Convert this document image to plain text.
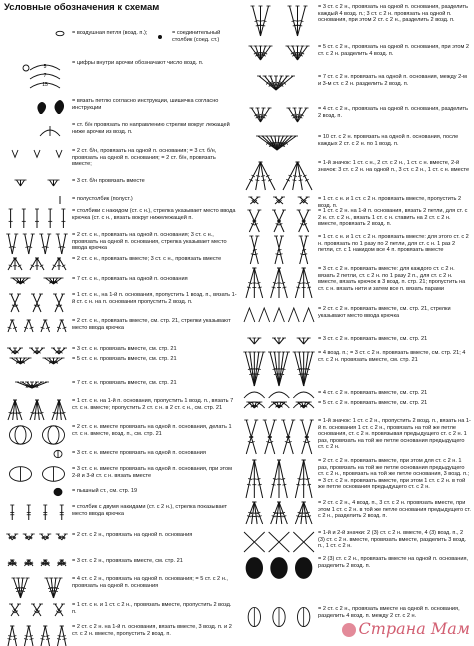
Условные обозначения к схемам
= воздушная петля (возд. п.);	= соединительный столбик (соед. ст.)
5
7
15
= цифры внутри арочки обозначают число возд. п.
= вязать петлю согласно инструкции, шишечка согласно инструкции
= ст. б/н провязать по направлению стрелки вокруг лежащей ниже арочки из возд. п.
= 2 ст. б/н, провязать на одной п. основания; = 3 ст. б/н, провязать на одной п. основания; = 2 ст. б/н, провязать вместе;
= 3 ст. б/н провязать вместе
= полустолбик (полуст.)
= столбики с накидом (ст. с н.), стрелка указывает место ввода крючка (ст. с н., вязать вокруг нижележащей п.
= 2 ст. с н., провязать на одной п. основания; 3 ст. с н., провязать на одной п. основания, стрелка указывает место ввода крючка
= 2 ст. с н., провязать вместе; 3 ст. с н., провязать вместе
= 7 ст. с н., провязать на одной п. основания
= 1 ст. с н., на 1-й п. основания, пропустить 1 возд. п., вязать 1-й ст. с н. на п. основания пропустить 2 возд. п.
= 2 ст. с н., провязать вместе, см. стр. 21, стрелки указывают место ввода крючка
= 3 ст. с н. провязать вместе, см. стр. 21
= 5 ст. с н. провязать вместе, см. стр. 21
= 7 ст. с н. провязать вместе, см. стр. 21
= 1 ст. с н. на 1-й п. основания, пропустить 1 возд. п., вязать 7 ст. с н. вместе; пропустить 2 ст. с н. в 2 ст. с н., см. стр. 21
= 2 ст. с н. вместе провязать на одной п. основания, делать 1 ст. с н. вместе, возд. п., см. стр. 21
= 3 ст. с н. вместе провязать на одной п. основания
= 3 ст. с н. вместе провязать на одной п. основания, при этом 2-й и 3-й ст. с н. вязать вместе
= пышный ст., см. стр. 19
= столбик с двумя накидами (ст. с 2 н.), стрелка показывает место ввода крючка
= 2 ст. с 2 н., провязать на одной п. основания
= 3 ст. с 2 н., провязать вместе, см. стр. 21
= 4 ст. с 2 н., провязать на одной п. основания; = 5 ст. с 2 н., провязать на одной п. основания
= 1 ст. с н. и 1 ст. с 2 н., провязать вместе, пропустить 2 возд. п.
= 2 ст. с 2 н. на 1-й п. основания, вязать вместе, 3 возд. п. и 2 ст. с 2 н. вместе, пропустить 2 возд. п.
= 3 ст. с 2 н., провязать на одной п. основания, разделить каждый 4 возд. п.; 3 ст. с 2 н. провязать на одной п. основания, при этом 2 ст. с 2 н., разделить 2 возд. п.
= 5 ст. с 2 н., провязать на одной п. основания, при этом 2 ст. с 2 н. разделить 4 возд. п.
= 7 ст. с 2 н. провязать на одной п. основания, между 2-м и 3-м ст. с 2 н. разделить 2 возд. п.
= 4 ст. с 2 н., провязать на одной п. основания, разделить 2 возд. п.
= 10 ст. с 2 н. провязать на одной п. основания, после каждых 2 ст. с 2 н. по 1 возд. п.
= 1-й значок: 1 ст. с н., 2 ст. с 2 н., 1 ст. с н. вместе, 2-й значок: 3 ст. с 2 н. на одной п., 3 ст. с 2 н., 1 ст. с н. вместе
= 1 ст. с н. и 1 ст. с 2 н. провязать вместе, пропустить 2 возд. п.
= 1 ст. с 2 н. на 1-й п. основания, вязать 2 петли, для ст. с 2 н. ст. с 2 н., вязать 1 ст. с н. ставить на 2 ст. с 2 н. вместе, провязать 2 возд. п.
= 1 ст. с н. и 1 ст. с 2 н. провязать вместе: для этого ст. с 2 н. провязать по 1 разу по 2 петли, для ст. с н. 1 раз 2 петли, ст. с 1 накидом все 4 п. провязать вместе
= 3 ст. с 2 н. провязать вместе: для каждого ст. с 2 н. вязать 2 петли, ст. с 2 н. по 1 разу 2 п., для ст. с 2 н. вместе, вязать крючок в 3 возд. п. стр. 21; пропустить на ст. с н. вязать нити и затем все п. вязать парами
= 2 ст. с 2 н. провязать вместе, см. стр. 21, стрелки указывают место ввода крючка
= 3 ст. с 2 н. провязать вместе, см. стр. 21
= 4 возд. п.; = 3 ст. с 2 н. провязать вместе, см. стр. 21; 4 ст. с 2 н. провязать вместе, см. стр. 21
= 4 ст. с 2 н. провязать вместе, см. стр. 21
= 5 ст. с 2 н. провязать вместе, см. стр. 21
= 1-й значок: 1 ст. с 2 н., пропустить 2 возд. п., вязать на 1-й п. основания 1 ст. с 2 н., провязать на той же петле основания, ст. с 2 н. провязывая предыдущего ст. с 2 н. 1 раз, провязать на той же петле основания предыдущего ст. с 2 н.
= 2 ст. с 2 н. провязать вместе, при этом для ст. с 2 н. 1 раз, провязать на той же петле основания предыдущего ст. с 2 н., провязать на той же петле основания, 3 возд. п.; = 3 ст. с 2 н. провязать вместе, при этом 1 ст. с 2 н. в той же петле основания предыдущего ст. с 2 н.
= 2 ст. с 2 н., 4 возд. п., 3 ст. с 2 н. провязать вместе, при этом 1 ст. с 2 н. в той же петле основания предыдущего ст. с 2 н., разделить 2 возд. п.
= 1-й и 2-й значки: 2 (3) ст. с 2 н. вместе, 4 (3) возд. п., 2 (3) ст. с 2 н. вместе, провязать вместе, разделить 3 возд. п., 1 ст. с 2 н.
= 2 (3) ст. с 2 н., провязать вместе на одной п. основания, разделить 2 возд. п.
= 2 ст. с 2 н., провязать вместе на одной п. основания, разделить 4 возд. п. между 2 ст. с 2 н.
Страна Мам
